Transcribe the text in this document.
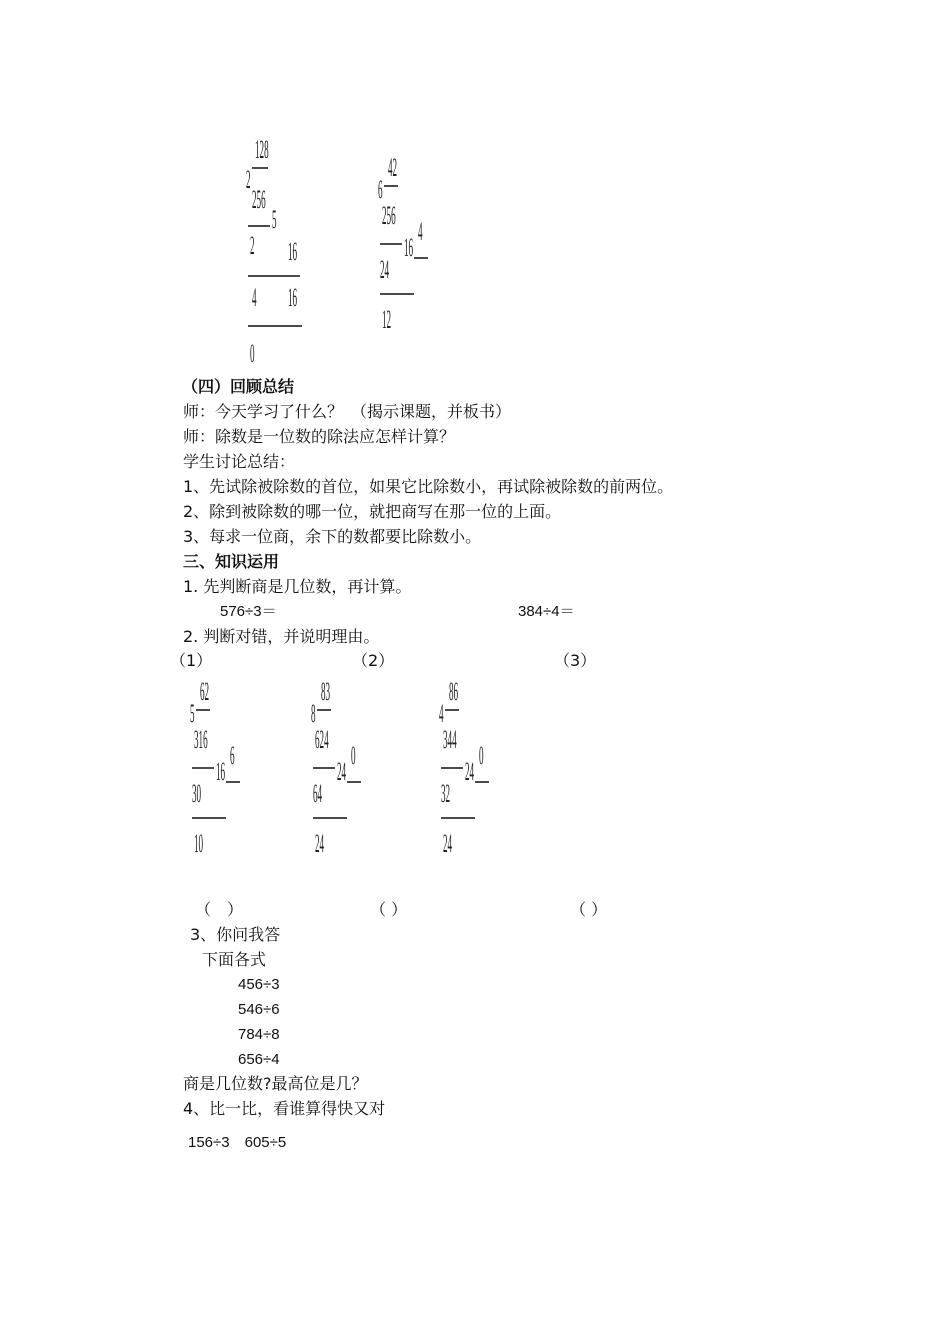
128
2
256
5
2	16
4 16
0
42
6
256
16
4
24
12
（四）回顾总结
师：今天学习了什么？　（揭示课题，并板书）
师：除数是一位数的除法应怎样计算？
学生讨论总结：
1、先试除被除数的首位，如果它比除数小，再试除被除数的前两位。
2、除到被除数的哪一位，就把商写在那一位的上面。
3、每求一位商，余下的数都要比除数小。
三、知识运用
1. 先判断商是几位数，再计算。
576÷3＝	384÷4＝
2. 判断对错，并说明理由。
（1）	（2）	（3）
62
5
316
16
6
30
10
83
8
624
24
0
64
24
86
4
344
24
0
32
24
（　）	（ ）	（ ）
3、你问我答
下面各式
456÷3
546÷6
784÷8
656÷4
商是几位数?最高位是几？
4、比一比，看谁算得快又对
156÷3　605÷5
